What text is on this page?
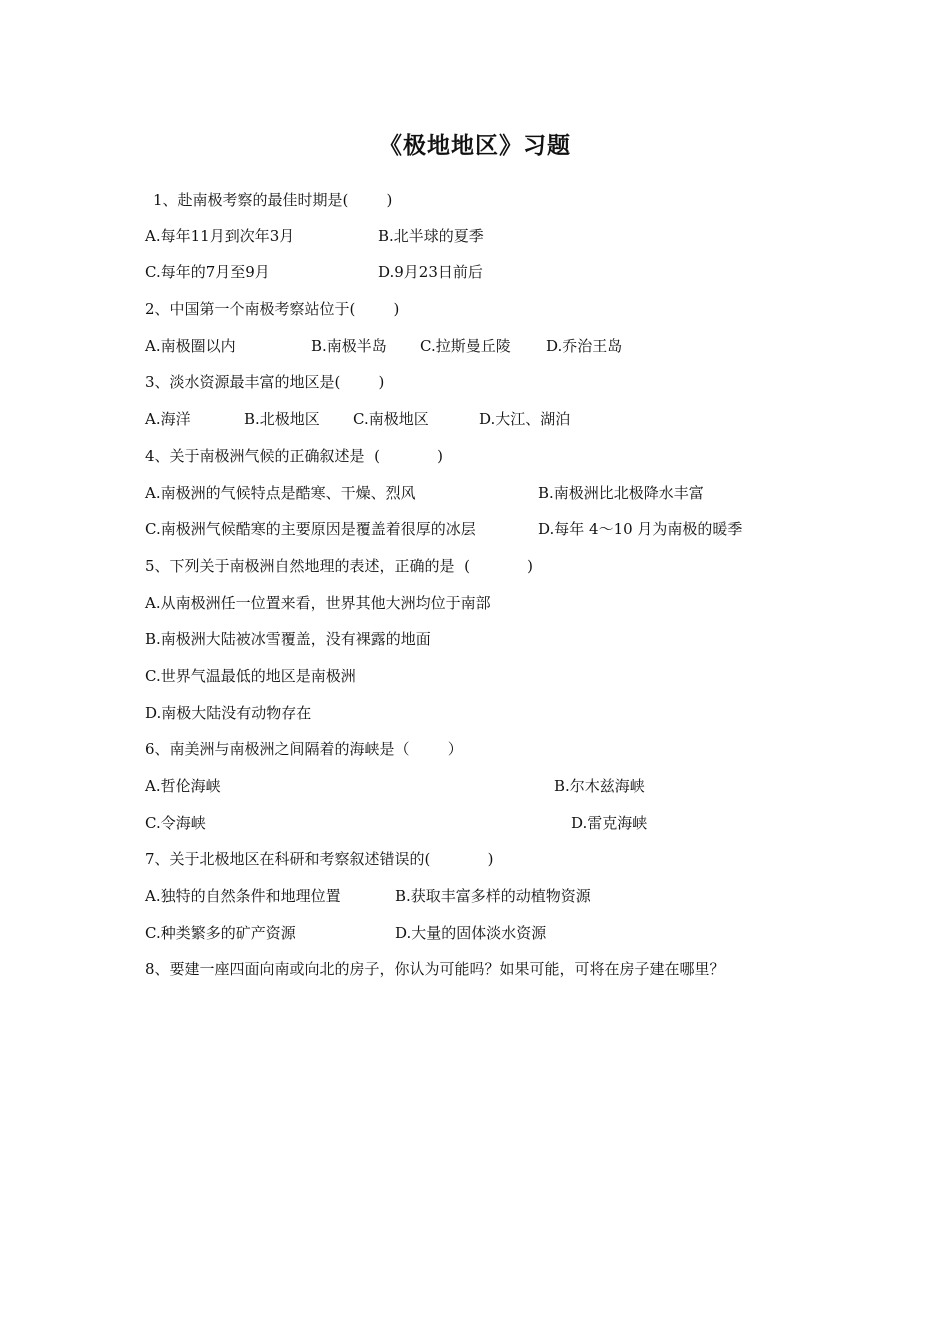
《极地地区》习题
1、赴南极考察的最佳时期是(        )
A.每年11月到次年3月	B.北半球的夏季
C.每年的7月至9月	D.9月23日前后
2、中国第一个南极考察站位于(        )
A.南极圈以内	B.南极半岛 C.拉斯曼丘陵 D.乔治王岛
3、淡水资源最丰富的地区是(        )
A.海洋	B.北极地区 C.南极地区	D.大江、湖泊
4、关于南极洲气候的正确叙述是  (            )
A.南极洲的气候特点是酷寒、干燥、烈风	B.南极洲比北极降水丰富
C.南极洲气候酷寒的主要原因是覆盖着很厚的冰层	D.每年 4～10 月为南极的暖季
5、下列关于南极洲自然地理的表述，正确的是  (            )
A.从南极洲任一位置来看，世界其他大洲均位于南部
B.南极洲大陆被冰雪覆盖，没有裸露的地面
C.世界气温最低的地区是南极洲
D.南极大陆没有动物存在
6、南美洲与南极洲之间隔着的海峡是（        ）
A.哲伦海峡	B.尔木兹海峡
C.令海峡	D.雷克海峡
7、关于北极地区在科研和考察叙述错误的(            )
A.独特的自然条件和地理位置	B.获取丰富多样的动植物资源
C.种类繁多的矿产资源	D.大量的固体淡水资源
8、要建一座四面向南或向北的房子，你认为可能吗？如果可能，可将在房子建在哪里？
